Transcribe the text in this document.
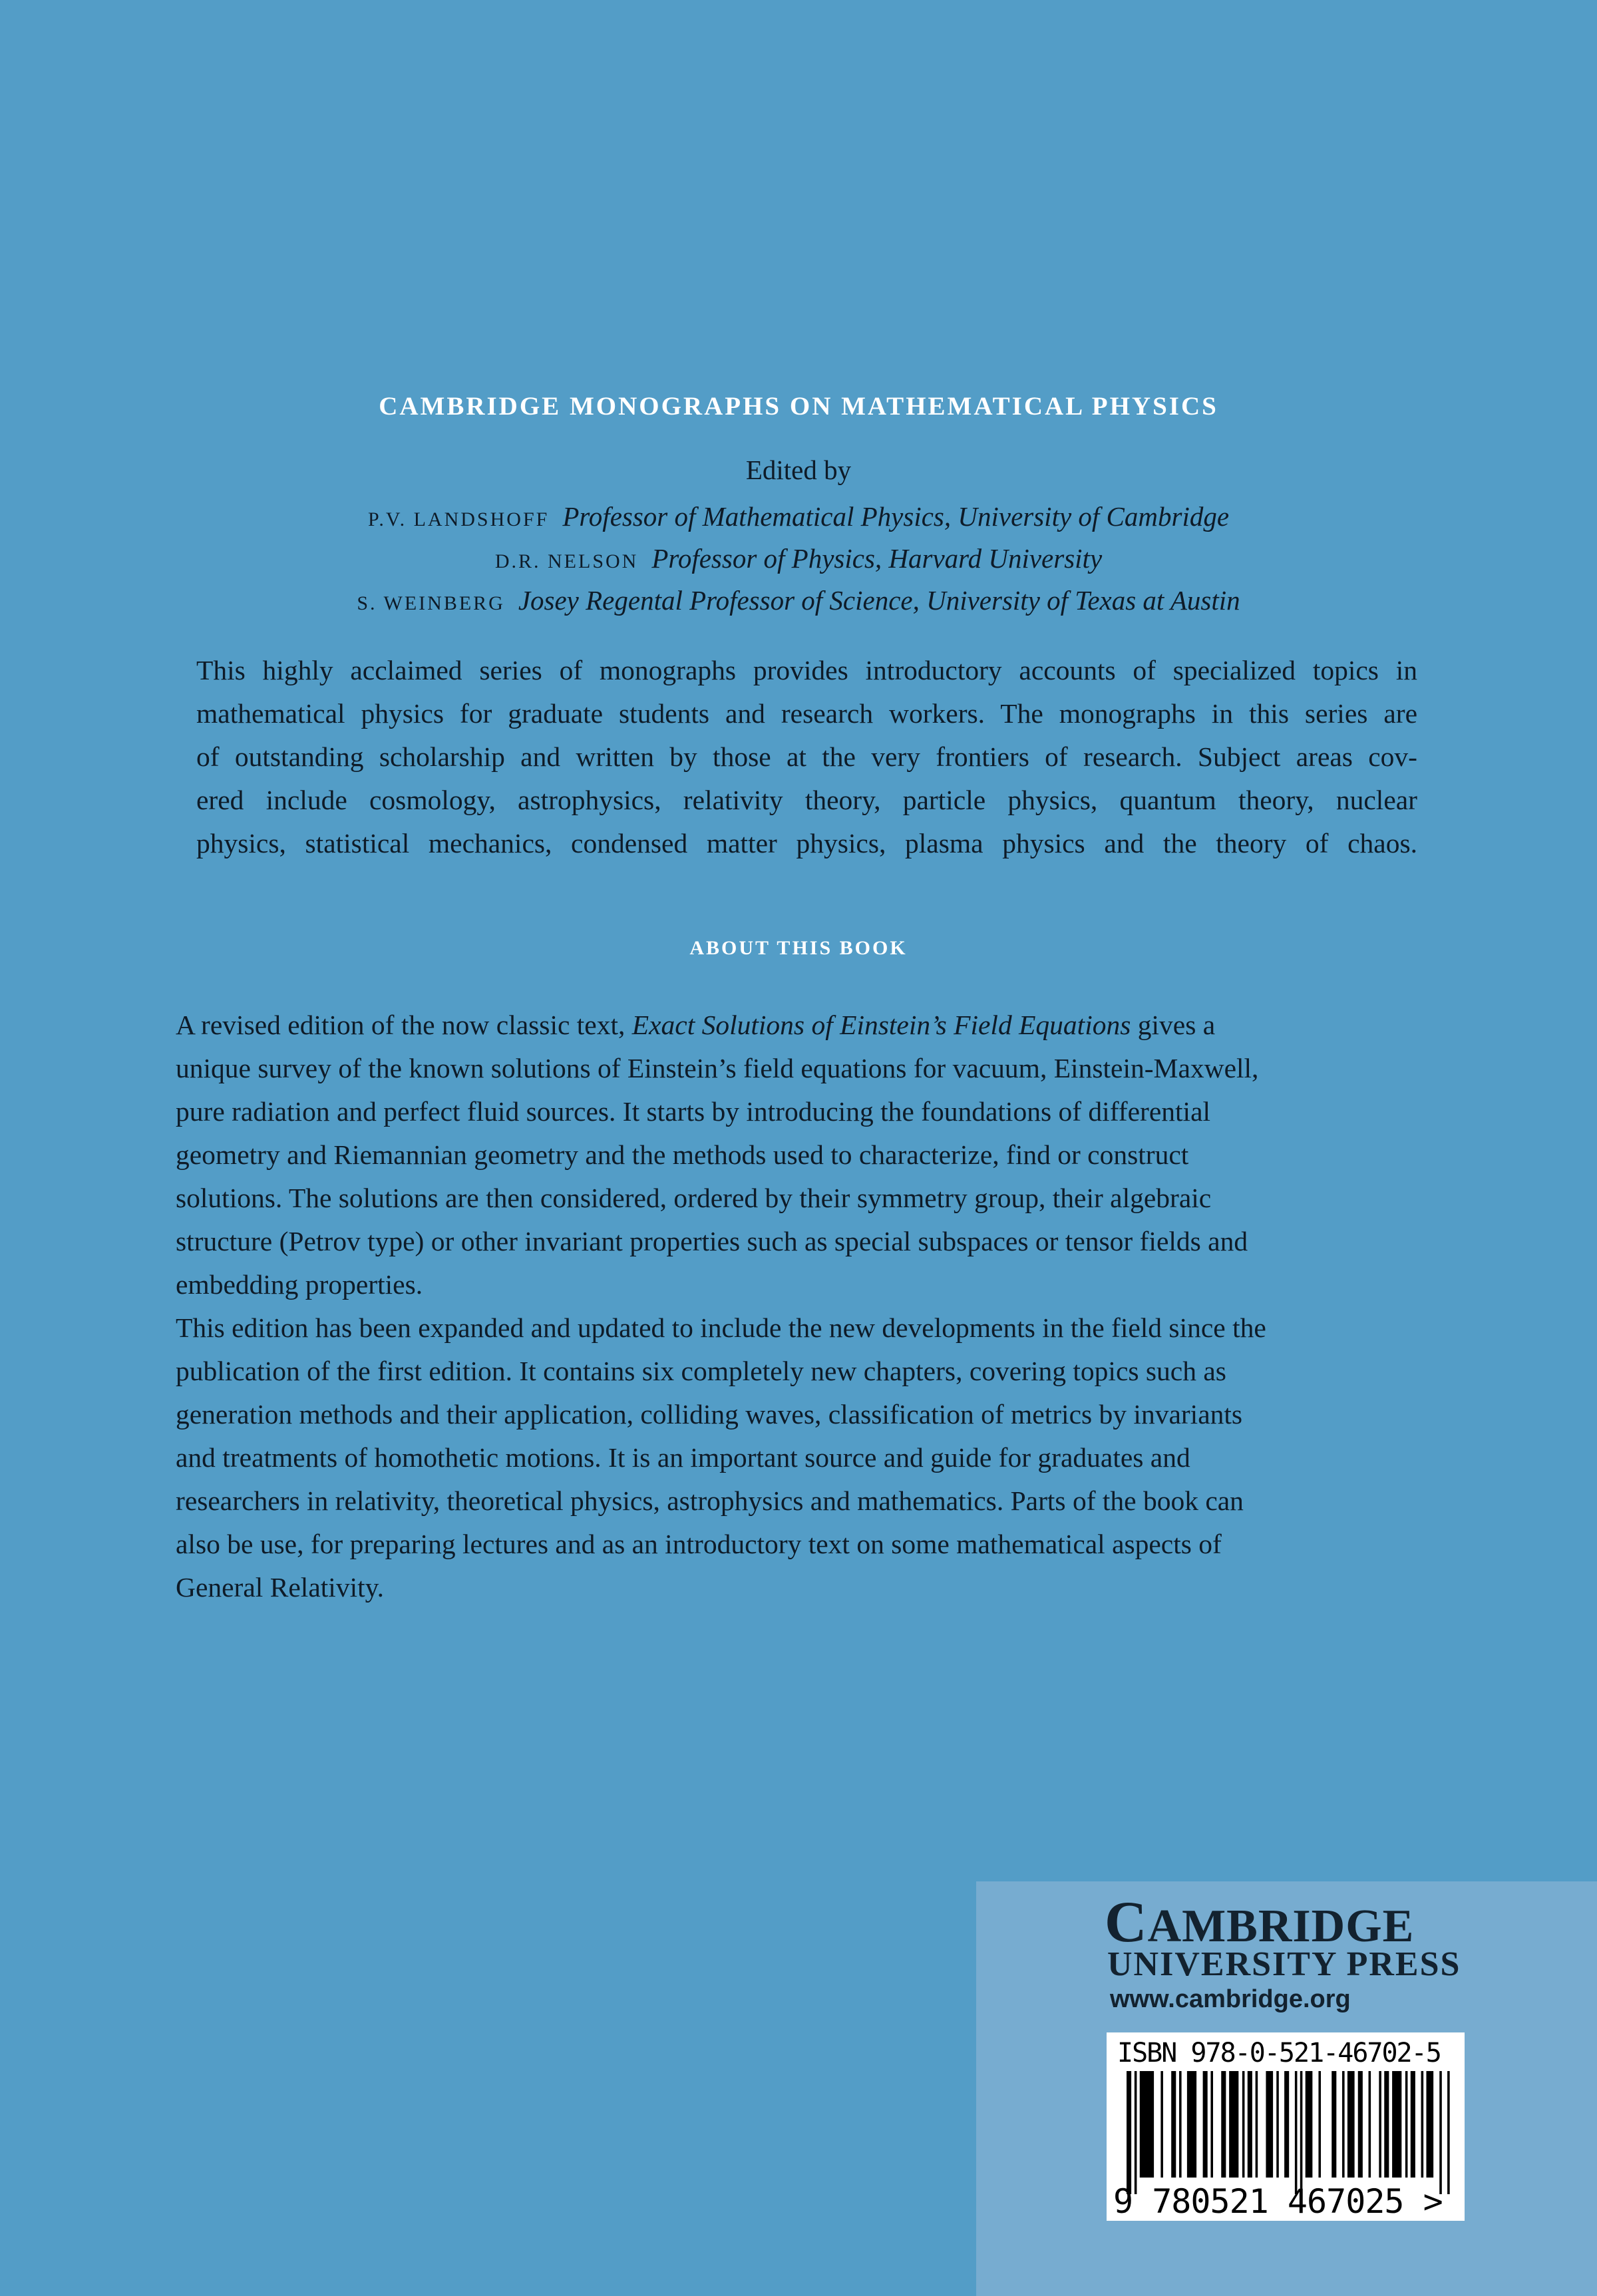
CAMBRIDGE MONOGRAPHS ON MATHEMATICAL PHYSICS
Edited by
P.V. LANDSHOFF Professor of Mathematical Physics, University of Cambridge
D.R. NELSON Professor of Physics, Harvard University
S. WEINBERG Josey Regental Professor of Science, University of Texas at Austin
This highly acclaimed series of monographs provides introductory accounts of specialized topics in
mathematical physics for graduate students and research workers. The monographs in this series are
of outstanding scholarship and written by those at the very frontiers of research. Subject areas cov-
ered include cosmology, astrophysics, relativity theory, particle physics, quantum theory, nuclear
physics, statistical mechanics, condensed matter physics, plasma physics and the theory of chaos.
ABOUT THIS BOOK
A revised edition of the now classic text, Exact Solutions of Einstein’s Field Equations gives a
unique survey of the known solutions of Einstein’s field equations for vacuum, Einstein-Maxwell,
pure radiation and perfect fluid sources. It starts by introducing the foundations of differential
geometry and Riemannian geometry and the methods used to characterize, find or construct
solutions. The solutions are then considered, ordered by their symmetry group, their algebraic
structure (Petrov type) or other invariant properties such as special subspaces or tensor fields and
embedding properties.
This edition has been expanded and updated to include the new developments in the field since the
publication of the first edition. It contains six completely new chapters, covering topics such as
generation methods and their application, colliding waves, classification of metrics by invariants
and treatments of homothetic motions. It is an important source and guide for graduates and
researchers in relativity, theoretical physics, astrophysics and mathematics. Parts of the book can
also be use, for preparing lectures and as an introductory text on some mathematical aspects of
General Relativity.
CAMBRIDGE
UNIVERSITY PRESS
www.cambridge.org
ISBN 978-0-521-46702-5
9 780521 467025 >
